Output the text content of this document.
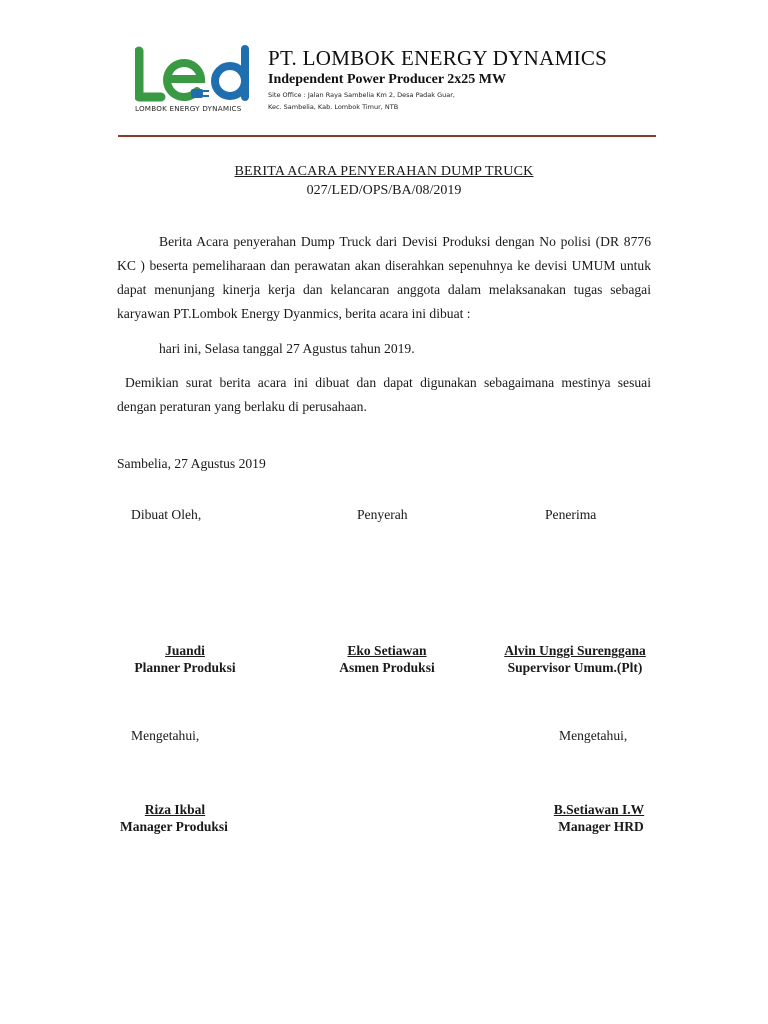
LOMBOK ENERGY DYNAMICS
PT. LOMBOK ENERGY DYNAMICS
Independent Power Producer 2x25 MW
Site Office : Jalan Raya Sambelia Km 2, Desa Padak Guar,
Kec. Sambelia, Kab. Lombok Timur, NTB
BERITA ACARA PENYERAHAN DUMP TRUCK
027/LED/OPS/BA/08/2019
Berita Acara penyerahan Dump Truck dari Devisi Produksi dengan No polisi (DR 8776 KC ) beserta pemeliharaan dan perawatan akan diserahkan sepenuhnya ke devisi UMUM untuk dapat menunjang kinerja kerja dan kelancaran anggota dalam melaksanakan tugas sebagai karyawan PT.Lombok Energy Dyanmics, berita acara ini dibuat :
hari ini, Selasa tanggal 27 Agustus tahun 2019.
Demikian surat berita acara ini dibuat dan dapat digunakan sebagaimana mestinya sesuai dengan peraturan yang berlaku di perusahaan.
Sambelia, 27 Agustus 2019
Dibuat Oleh,	Penyerah	Penerima
Juandi
Planner Produksi
Eko Setiawan
Asmen Produksi
Alvin Unggi Surenggana
Supervisor Umum.(Plt)
Mengetahui,	Mengetahui,
Riza Ikbal
Manager Produksi
B.Setiawan I.W
Manager HRD
